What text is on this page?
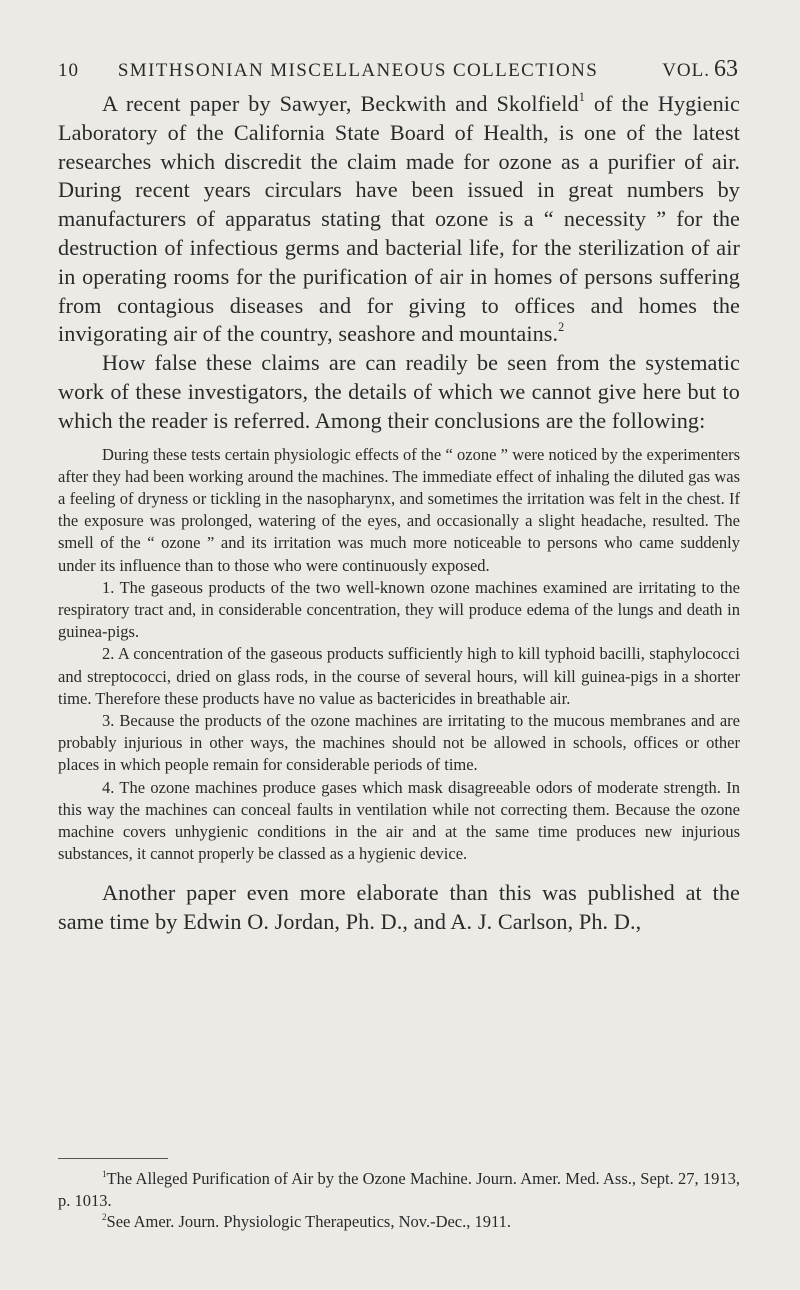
10	SMITHSONIAN MISCELLANEOUS COLLECTIONS	VOL. 63

A recent paper by Sawyer, Beckwith and Skolfield$^1$ of the Hygienic Laboratory of the California State Board of Health, is one of the latest researches which discredit the claim made for ozone as a purifier of air. During recent years circulars have been issued in great numbers by manufacturers of apparatus stating that ozone is a “ necessity ” for the destruction of infectious germs and bacterial life, for the sterilization of air in operating rooms for the purification of air in homes of persons suffering from contagious diseases and for giving to offices and homes the invigorating air of the country, seashore and mountains.$^2$

How false these claims are can readily be seen from the systematic work of these investigators, the details of which we cannot give here but to which the reader is referred. Among their conclusions are the following:

During these tests certain physiologic effects of the “ ozone ” were noticed by the experimenters after they had been working around the machines. The immediate effect of inhaling the diluted gas was a feeling of dryness or tickling in the nasopharynx, and sometimes the irritation was felt in the chest. If the exposure was prolonged, watering of the eyes, and occasionally a slight headache, resulted. The smell of the “ ozone ” and its irritation was much more noticeable to persons who came suddenly under its influence than to those who were continuously exposed.

1. The gaseous products of the two well-known ozone machines examined are irritating to the respiratory tract and, in considerable concentration, they will produce edema of the lungs and death in guinea-pigs.

2. A concentration of the gaseous products sufficiently high to kill typhoid bacilli, staphylococci and streptococci, dried on glass rods, in the course of several hours, will kill guinea-pigs in a shorter time. Therefore these products have no value as bactericides in breathable air.

3. Because the products of the ozone machines are irritating to the mucous membranes and are probably injurious in other ways, the machines should not be allowed in schools, offices or other places in which people remain for considerable periods of time.

4. The ozone machines produce gases which mask disagreeable odors of moderate strength. In this way the machines can conceal faults in ventilation while not correcting them. Because the ozone machine covers unhygienic conditions in the air and at the same time produces new injurious substances, it cannot properly be classed as a hygienic device.

Another paper even more elaborate than this was published at the same time by Edwin O. Jordan, Ph. D., and A. J. Carlson, Ph. D.,

$^1$The Alleged Purification of Air by the Ozone Machine. Journ. Amer. Med. Ass., Sept. 27, 1913, p. 1013.

$^2$See Amer. Journ. Physiologic Therapeutics, Nov.-Dec., 1911.
